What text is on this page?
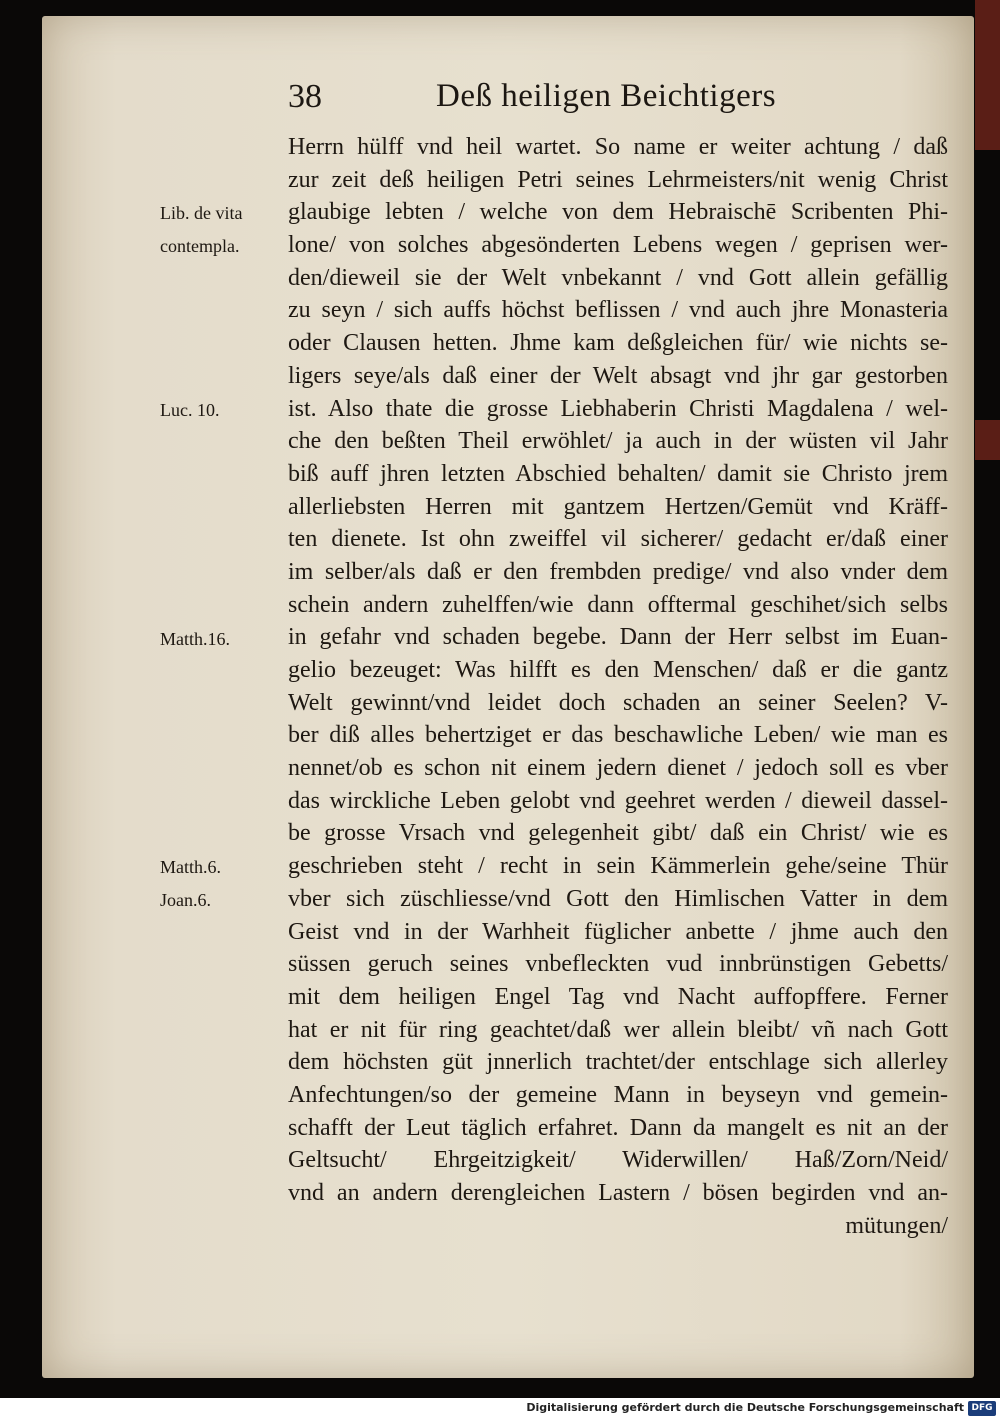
38	Deß heiligen Beichtigers
Herrn hülff vnd heil wartet. So name er weiter achtung / daß
zur zeit deß heiligen Petri seines Lehrmeisters/nit wenig Christ
glaubige lebten / welche von dem Hebraischē Scribenten Phi-
lone/ von solches abgesönderten Lebens wegen / geprisen wer-
den/dieweil sie der Welt vnbekannt / vnd Gott allein gefällig
zu seyn / sich auffs höchst beflissen / vnd auch jhre Monasteria
oder Clausen hetten. Jhme kam deßgleichen für/ wie nichts se-
ligers seye/als daß einer der Welt absagt vnd jhr gar gestorben
ist. Also thate die grosse Liebhaberin Christi Magdalena / wel-
che den beßten Theil erwöhlet/ ja auch in der wüsten vil Jahr
biß auff jhren letzten Abschied behalten/ damit sie Christo jrem
allerliebsten Herren mit gantzem Hertzen/Gemüt vnd Kräff-
ten dienete. Ist ohn zweiffel vil sicherer/ gedacht er/daß einer
im selber/als daß er den frembden predige/ vnd also vnder dem
schein andern zuhelffen/wie dann offtermal geschihet/sich selbs
in gefahr vnd schaden begebe. Dann der Herr selbst im Euan-
gelio bezeuget: Was hilfft es den Menschen/ daß er die gantz
Welt gewinnt/vnd leidet doch schaden an seiner Seelen? V-
ber diß alles behertziget er das beschawliche Leben/ wie man es
nennet/ob es schon nit einem jedern dienet / jedoch soll es vber
das wirckliche Leben gelobt vnd geehret werden / dieweil dassel-
be grosse Vrsach vnd gelegenheit gibt/ daß ein Christ/ wie es
geschrieben steht / recht in sein Kämmerlein gehe/seine Thür
vber sich züschliesse/vnd Gott den Himlischen Vatter in dem
Geist vnd in der Warhheit füglicher anbette / jhme auch den
süssen geruch seines vnbefleckten vud innbrünstigen Gebetts/
mit dem heiligen Engel Tag vnd Nacht auffopffere. Ferner
hat er nit für ring geachtet/daß wer allein bleibt/ vñ nach Gott
dem höchsten güt jnnerlich trachtet/der entschlage sich allerley
Anfechtungen/so der gemeine Mann in beyseyn vnd gemein-
schafft der Leut täglich erfahret. Dann da mangelt es nit an der
Geltsucht/ Ehrgeitzigkeit/ Widerwillen/ Haß/Zorn/Neid/
vnd an andern derengleichen Lastern / bösen begirden vnd an-
mütungen/
Lib. de vita
contempla.
Luc. 10.
Matth.16.
Matth.6.
Joan.6.
Digitalisierung gefördert durch die Deutsche Forschungsgemeinschaft DFG
